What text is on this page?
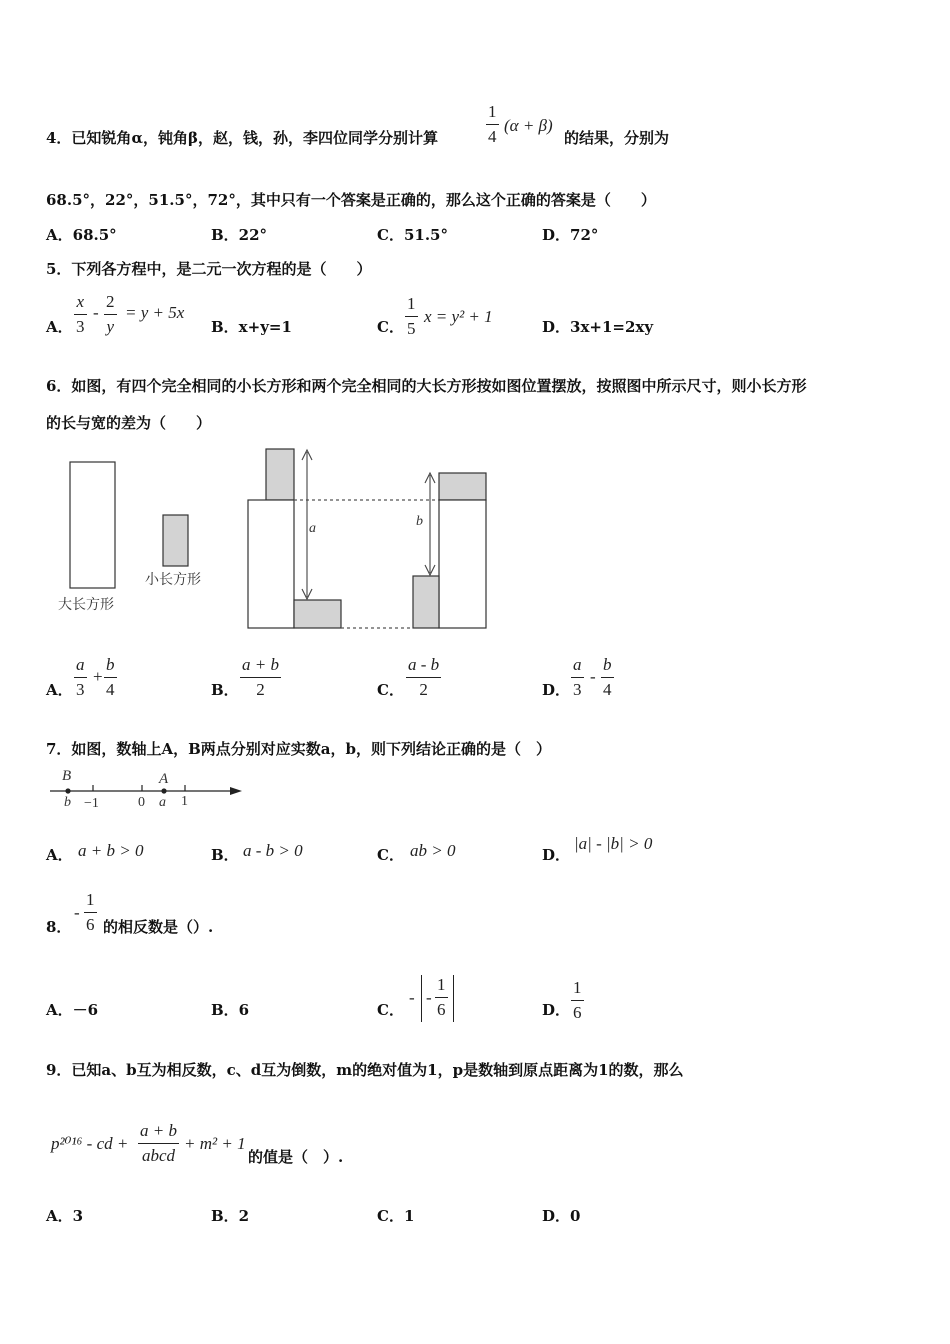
4．已知锐角α，钝角β，赵，钱，孙，李四位同学分别计算
1
4
(α + β)
的结果，分别为
68.5°，22°，51.5°，72°，其中只有一个答案是正确的，那么这个正确的答案是（　　）
A．68.5°	B．22°	C．51.5°	D．72°
5．下列各方程中，是二元一次方程的是（　　）
A．
x
3
-
2
y
= y + 5x
B．x+y=1	C．
1
5
x = y² + 1
D．3x+1=2xy
6．如图，有四个完全相同的小长方形和两个完全相同的大长方形按如图位置摆放，按照图中所示尺寸，则小长方形
的长与宽的差为（　　）
大长方形
小长方形
a	b
A．
a
3
+
b
4	B．
a + b
2	C．
a - b
2	D．
a
3
-
b
4
7．如图，数轴上A，B两点分别对应实数a，b，则下列结论正确的是（　）
B	A
b −1	0 a 1
A． a + b > 0	B． a - b > 0	C． ab > 0	D．
|a| - |b| > 0
8．
-
1
6 的相反数是（）.
A．－6	B．6	C．
- -
1
6	D．
1
6
9．已知a、b互为相反数，c、d互为倒数，m的绝对值为1，p是数轴到原点距离为1的数，那么
p²⁰¹⁶ - cd +
a + b
abcd
+ m² + 1
的值是（　）.
A．3	B．2	C．1	D．0
